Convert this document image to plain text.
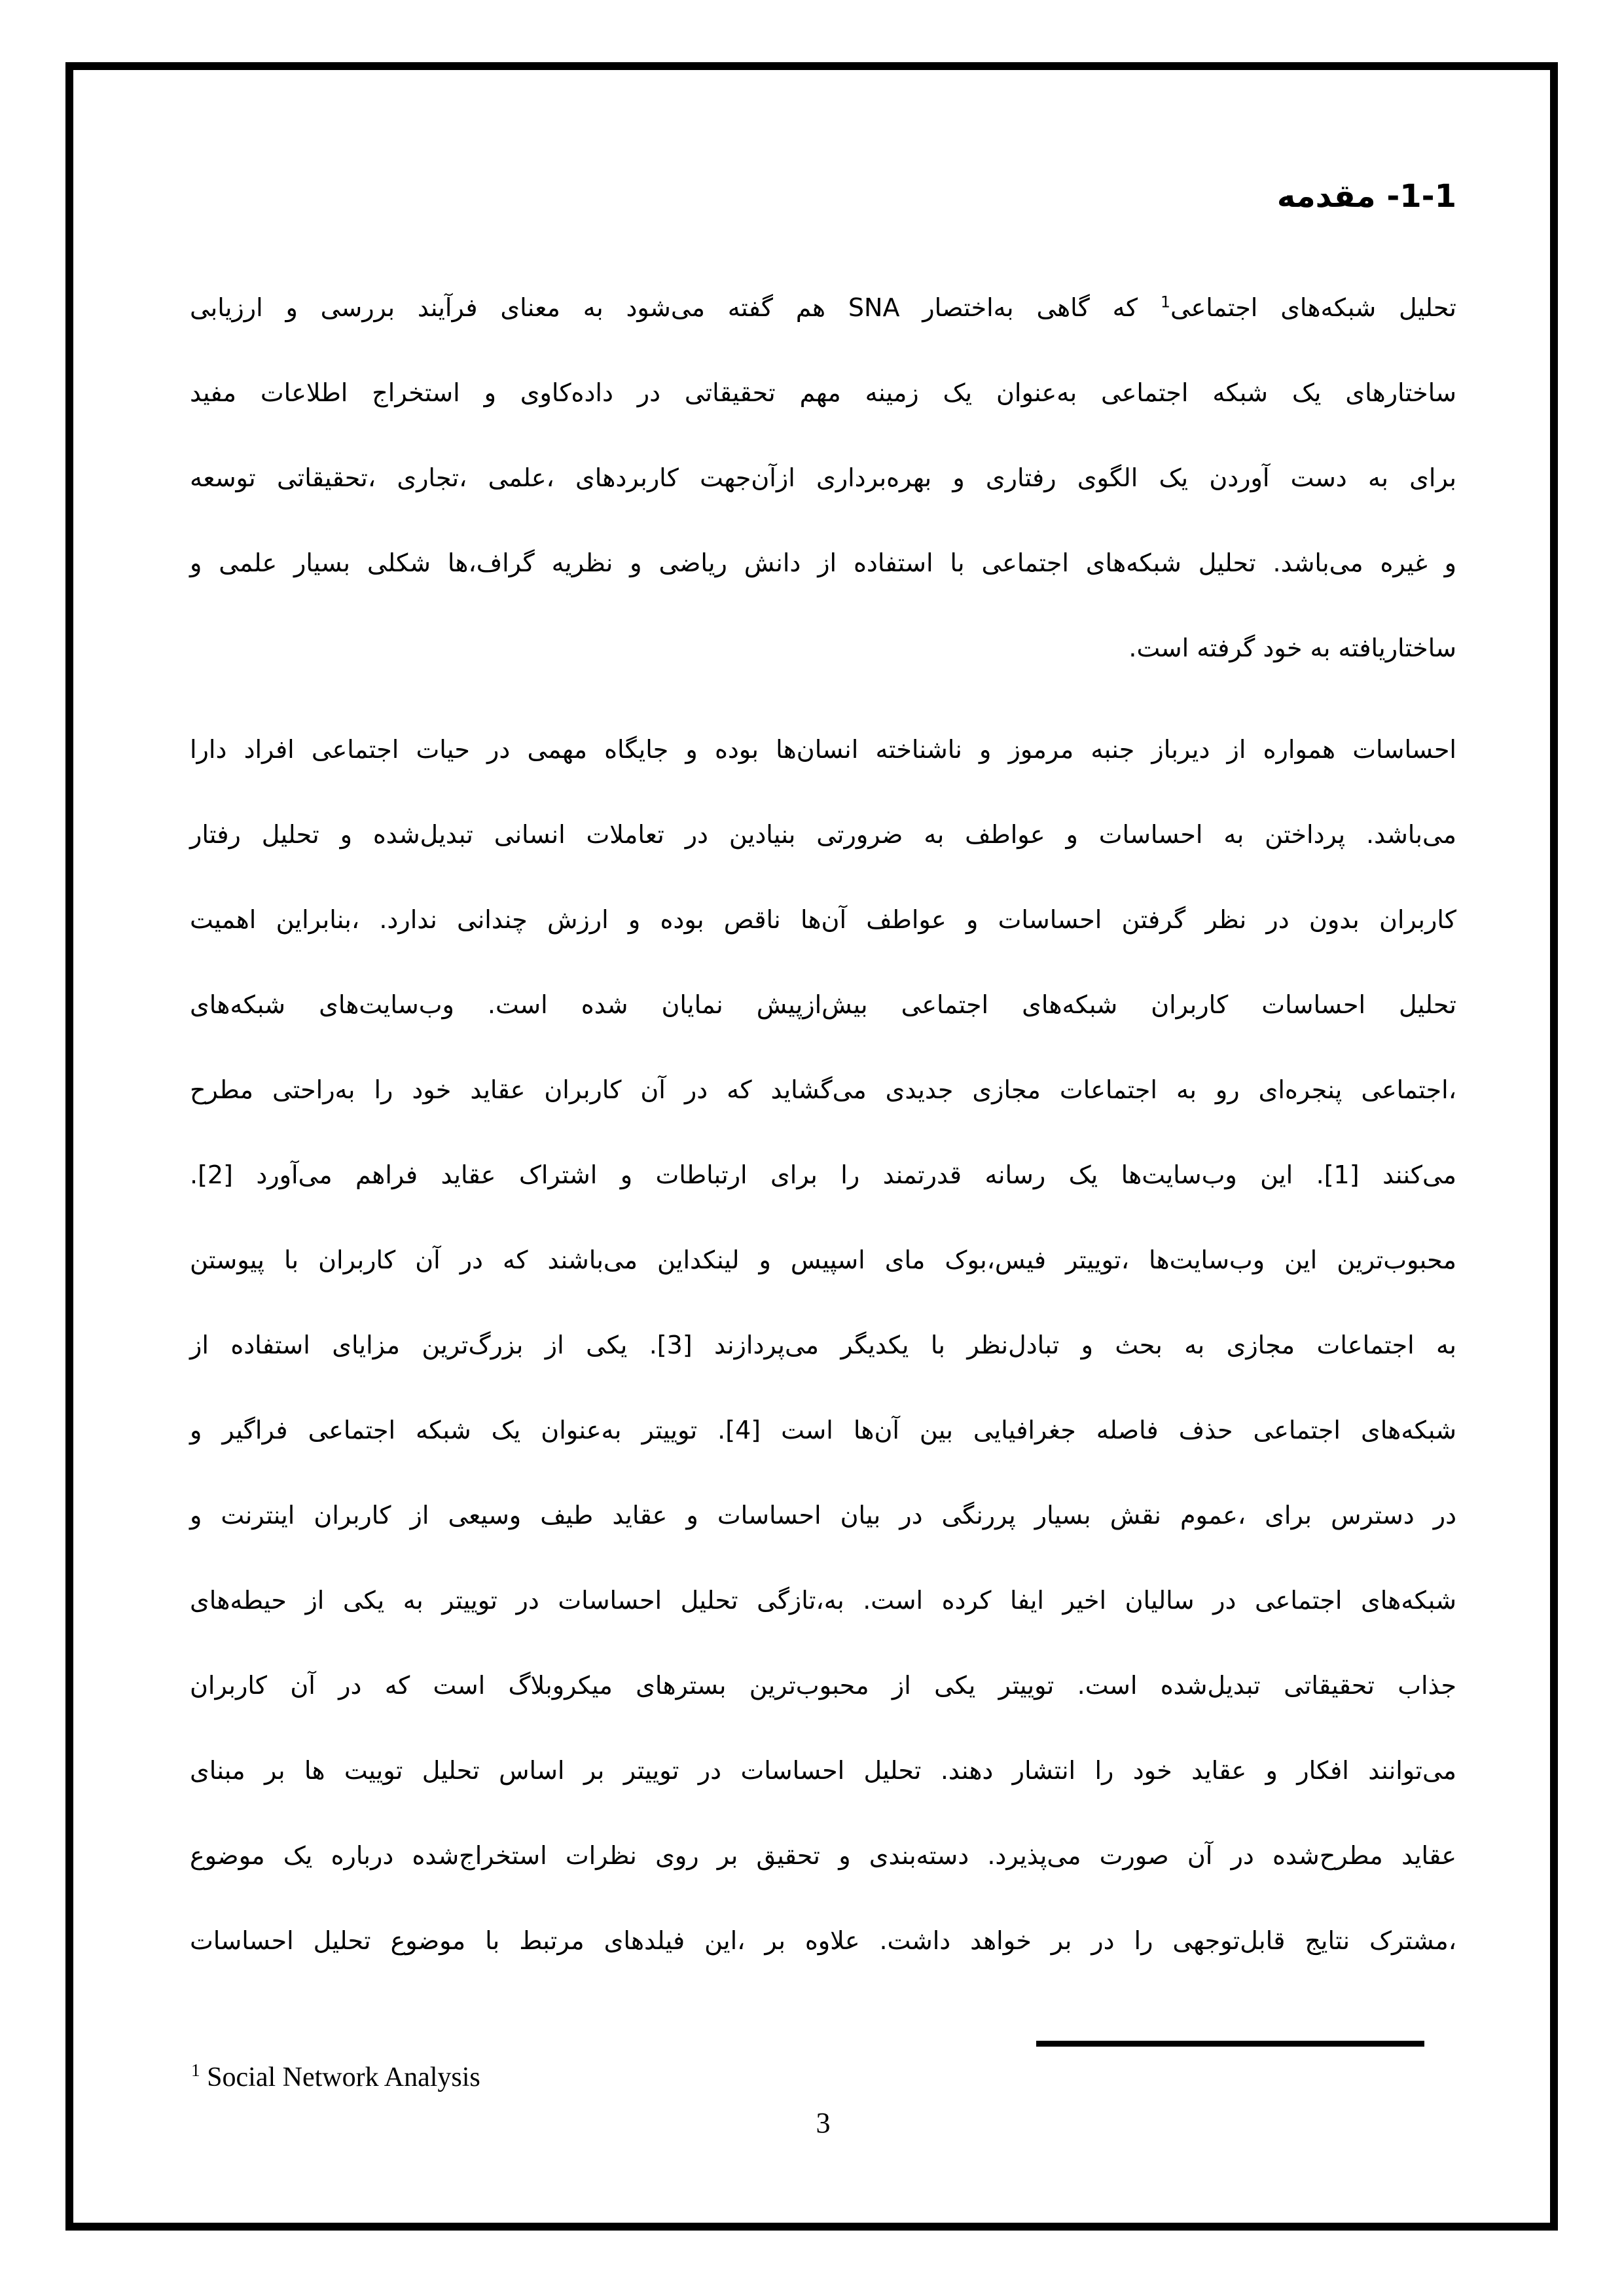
1-1- مقدمه
تحلیل شبکه‌های اجتماعی$^1$ که گاهی به‌اختصار SNA هم گفته می‌شود به معنای فرآیند بررسی و ارزیابی
ساختارهای یک شبکه اجتماعی به‌عنوان یک زمینه مهم تحقیقاتی در داده‌کاوی و استخراج اطلاعات مفید
برای به دست آوردن یک الگوی رفتاری و بهره‌برداری ازآن‌جهت کاربردهای ،علمی ،تجاری ،تحقیقاتی توسعه
و غیره می‌باشد. تحلیل شبکه‌های اجتماعی با استفاده از دانش ریاضی و نظریه گراف،ها شکلی بسیار علمی و
ساختاریافته به خود گرفته است.
احساسات همواره از دیرباز جنبه مرموز و ناشناخته انسان‌ها بوده و جایگاه مهمی در حیات اجتماعی افراد دارا
می‌باشد. پرداختن به احساسات و عواطف به ضرورتی بنیادین در تعاملات انسانی تبدیل‌شده و تحلیل رفتار
کاربران بدون در نظر گرفتن احساسات و عواطف آن‌ها ناقص بوده و ارزش چندانی ندارد. ،بنابراین اهمیت
تحلیل احساسات کاربران شبکه‌های اجتماعی بیش‌ازپیش نمایان شده است. وب‌سایت‌های شبکه‌های
،اجتماعی پنجره‌ای رو به اجتماعات مجازی جدیدی می‌گشاید که در آن کاربران عقاید خود را به‌راحتی مطرح
می‌کنند [1]. این وب‌سایت‌ها یک رسانه قدرتمند را برای ارتباطات و اشتراک عقاید فراهم می‌آورد [2].
محبوب‌ترین این وب‌سایت‌ها ،توییتر فیس،بوک مای اسپیس و لینکداین می‌باشند که در آن کاربران با پیوستن
به اجتماعات مجازی به بحث و تبادل‌نظر با یکدیگر می‌پردازند [3]. یکی از بزرگ‌ترین مزایای استفاده از
شبکه‌های اجتماعی حذف فاصله جغرافیایی بین آن‌ها است [4]. توییتر به‌عنوان یک شبکه اجتماعی فراگیر و
در دسترس برای ،عموم نقش بسیار پررنگی در بیان احساسات و عقاید طیف وسیعی از کاربران اینترنت و
شبکه‌های اجتماعی در سالیان اخیر ایفا کرده است. به،تازگی تحلیل احساسات در توییتر به یکی از حیطه‌های
جذاب تحقیقاتی تبدیل‌شده است. توییتر یکی از محبوب‌ترین بسترهای میکروبلاگ است که در آن کاربران
می‌توانند افکار و عقاید خود را انتشار دهند. تحلیل احساسات در توییتر بر اساس تحلیل توییت ها بر مبنای
عقاید مطرح‌شده در آن صورت می‌پذیرد. دسته‌بندی و تحقیق بر روی نظرات استخراج‌شده درباره یک موضوع
،مشترک نتایج قابل‌توجهی را در بر خواهد داشت. علاوه بر ،این فیلدهای مرتبط با موضوع تحلیل احساسات
$^1$ Social Network Analysis
3
